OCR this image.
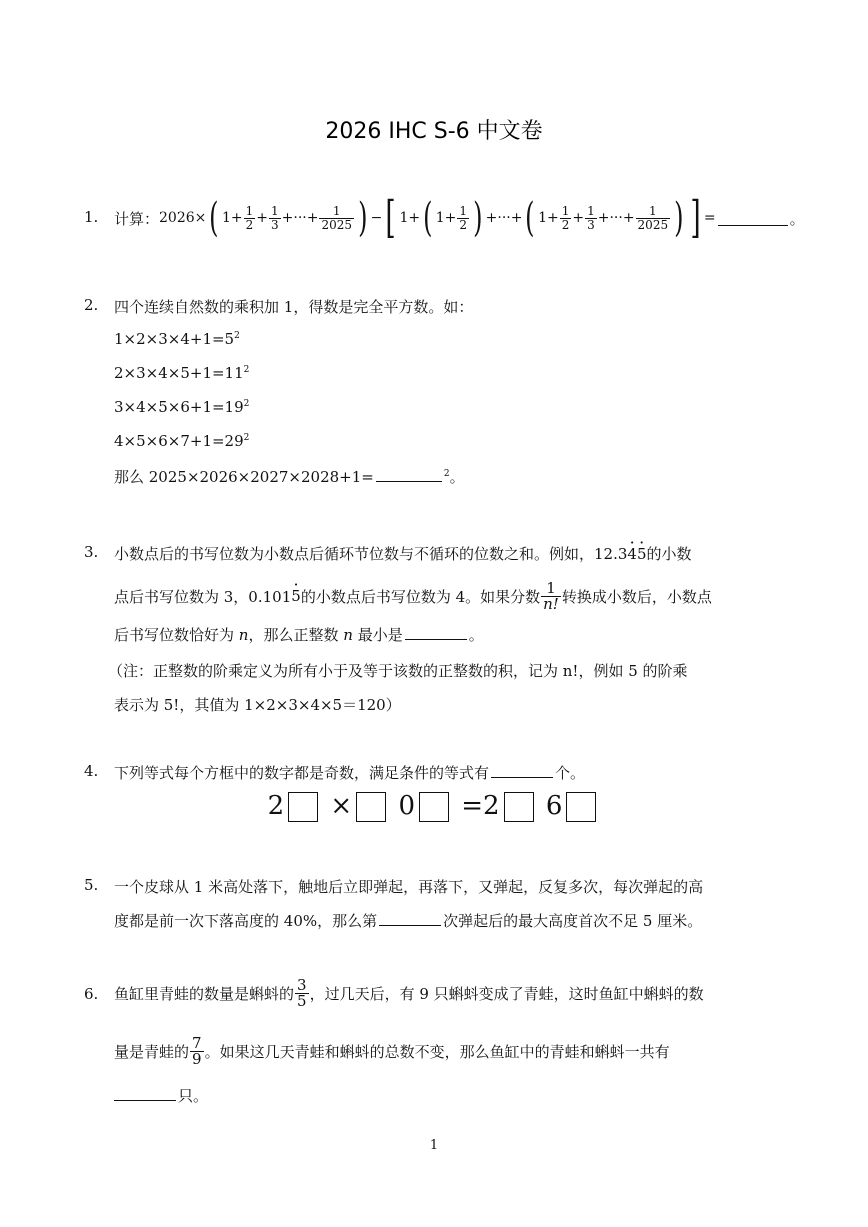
2026 IHC S-6 中文卷
1. 计算： 2026× ( $1+ \frac{1}{2} + \frac{1}{3}$ +···+ $\frac{1}{2025}$ ) − [ 1+ ( $1+ \frac{1}{2}$ ) +···+ ( $1+ \frac{1}{2} + \frac{1}{3}$ +···+ $\frac{1}{2025}$ ) ] =	。
2. 四个连续自然数的乘积加 1，得数是完全平方数。如：
$1\times 2\times 3\times 4+1=5^2$
$2\times 3\times 4\times 5+1=11^2$
$3\times 4\times 5\times 6+1=19^2$
$4\times 5\times 6\times 7+1=29^2$
那么 2025×2026×2027×2028+1=	$^2$。
3. 小数点后的书写位数为小数点后循环节位数与不循环的位数之和。例如，12.34 ·5 ·的小数
点后书写位数为 3，0.101 5 · 的小数点后书写位数为 4。如果分数 $\frac{1}{n!}$ 转换成小数后，小数点
后书写位数恰好为 n，那么正整数 n 最小是	。
（注：正整数的阶乘定义为所有小于及等于该数的正整数的积，记为 n!，例如 5 的阶乘
表示为 5!，其值为 1×2×3×4×5＝120）
4. 下列等式每个方框中的数字都是奇数，满足条件的等式有	个。
2 × 0 =2 6
5. 一个皮球从 1 米高处落下，触地后立即弹起，再落下，又弹起，反复多次，每次弹起的高
度都是前一次下落高度的 40%，那么第	次弹起后的最大高度首次不足 5 厘米。
6. 鱼缸里青蛙的数量是蝌蚪的 $\frac{3}{5}$ ，过几天后，有 9 只蝌蚪变成了青蛙，这时鱼缸中蝌蚪的数
量是青蛙的 $\frac{7}{9}$ 。如果这几天青蛙和蝌蚪的总数不变，那么鱼缸中的青蛙和蝌蚪一共有
只。
1
